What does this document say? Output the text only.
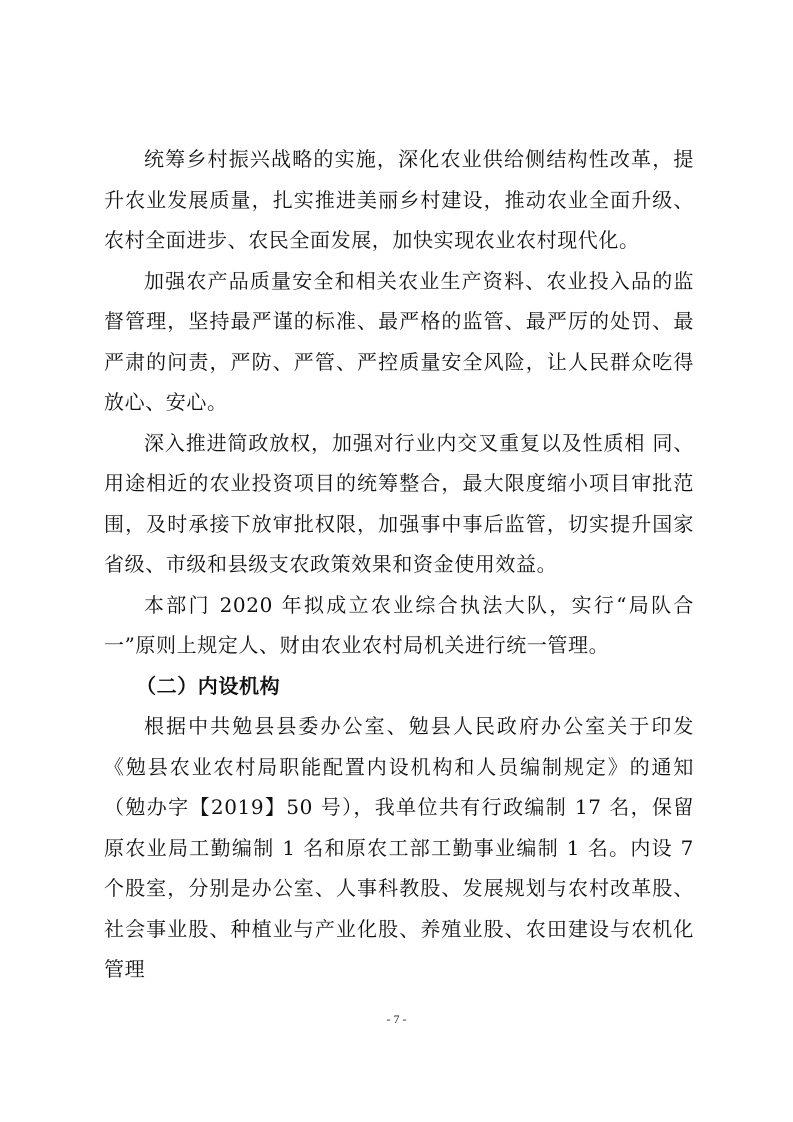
统筹乡村振兴战略的实施，深化农业供给侧结构性改革，提升农业发展质量，扎实推进美丽乡村建设，推动农业全面升级、农村全面进步、农民全面发展，加快实现农业农村现代化。

加强农产品质量安全和相关农业生产资料、农业投入品的监督管理，坚持最严谨的标准、最严格的监管、最严厉的处罚、最严肃的问责，严防、严管、严控质量安全风险，让人民群众吃得放心、安心。

深入推进简政放权，加强对行业内交叉重复以及性质相 同、用途相近的农业投资项目的统筹整合，最大限度缩小项目审批范围，及时承接下放审批权限，加强事中事后监管，切实提升国家省级、市级和县级支农政策效果和资金使用效益。

本部门 2020 年拟成立农业综合执法大队，实行“局队合一”原则上规定人、财由农业农村局机关进行统一管理。

（二）内设机构

根据中共勉县县委办公室、勉县人民政府办公室关于印发《勉县农业农村局职能配置内设机构和人员编制规定》的通知（勉办字【2019】50 号），我单位共有行政编制 17 名，保留原农业局工勤编制 1 名和原农工部工勤事业编制 1 名。内设 7 个股室，分别是办公室、人事科教股、发展规划与农村改革股、社会事业股、种植业与产业化股、养殖业股、农田建设与农机化管理

- 7 -
